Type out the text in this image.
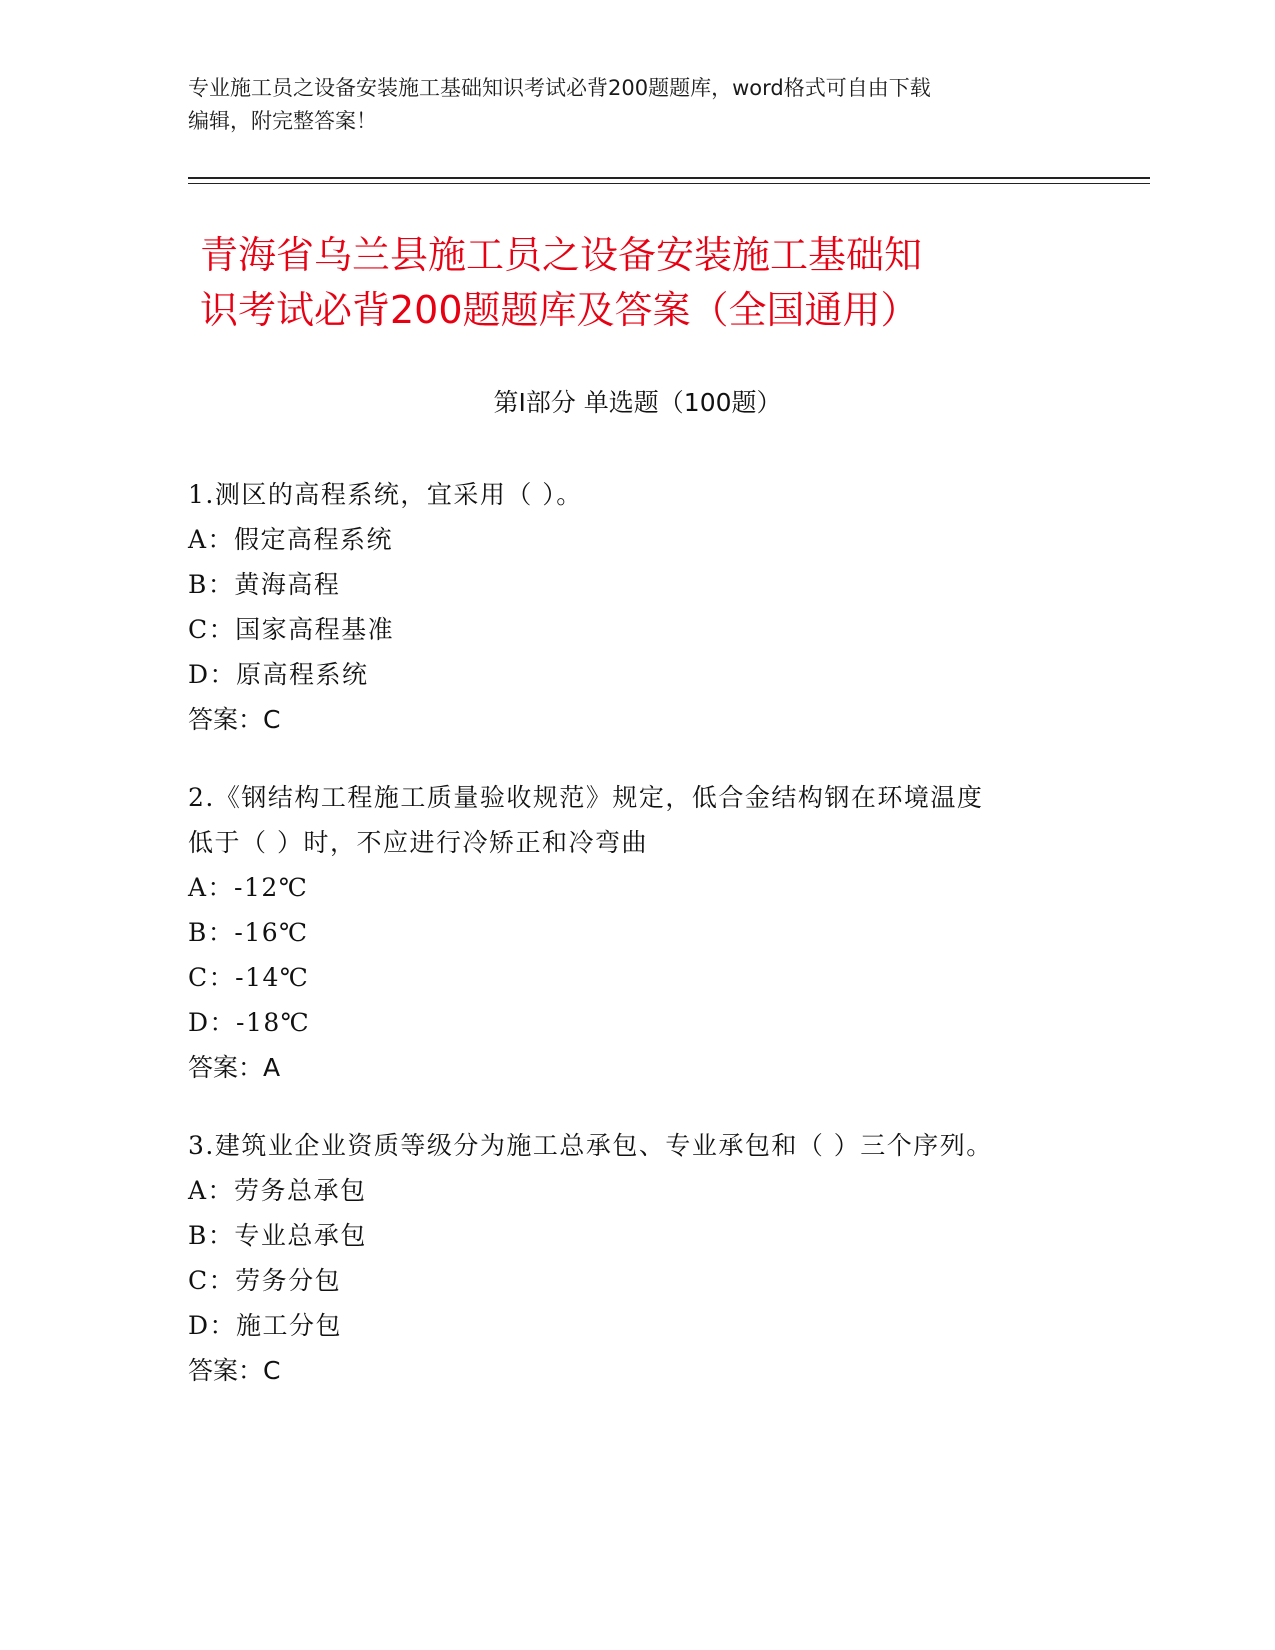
专业施工员之设备安装施工基础知识考试必背200题题库，word格式可自由下载
编辑，附完整答案！
青海省乌兰县施工员之设备安装施工基础知
识考试必背200题题库及答案（全国通用）
第Ⅰ部分 单选题（100题）
1.测区的高程系统，宜采用（ ）。
A：假定高程系统
B：黄海高程
C：国家高程基准
D：原高程系统
答案：C
2.《钢结构工程施工质量验收规范》规定，低合金结构钢在环境温度
低于（ ）时，不应进行冷矫正和冷弯曲
A：-12℃
B：-16℃
C：-14℃
D：-18℃
答案：A
3.建筑业企业资质等级分为施工总承包、专业承包和（ ）三个序列。
A：劳务总承包
B：专业总承包
C：劳务分包
D：施工分包
答案：C
